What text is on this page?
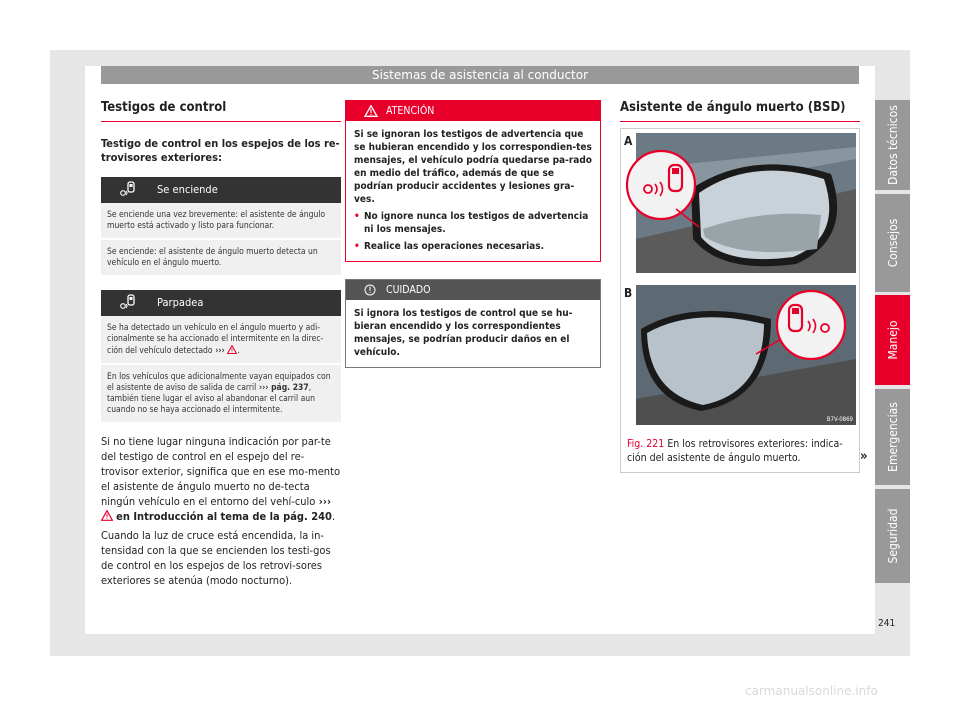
Sistemas de asistencia al conductor
Testigos de control
Testigo de control en los espejos de los re-trovisores exteriores:
Se enciende
Se enciende una vez brevemente: el asistente de ángulo muerto está activado y listo para funcionar.
Se enciende: el asistente de ángulo muerto detecta un vehículo en el ángulo muerto.
Parpadea
Se ha detectado un vehículo en el ángulo muerto y adi-cionalmente se ha accionado el intermitente en la direc-ción del vehículo detectado ››› .
En los vehículos que adicionalmente vayan equipados con el asistente de aviso de salida de carril ››› pág. 237, también tiene lugar el aviso al abandonar el carril aun cuando no se haya accionado el intermitente.

Si no tiene lugar ninguna indicación por par-te del testigo de control en el espejo del re-trovisor exterior, significa que en ese mo-mento el asistente de ángulo muerto no de-tecta ningún vehículo en el entorno del vehí-culo ›››  en Introducción al tema de la pág. 240.

Cuando la luz de cruce está encendida, la in-tensidad con la que se encienden los testi-gos de control en los espejos de los retrovi-sores exteriores se atenúa (modo nocturno).

ATENCIÓN
Si se ignoran los testigos de advertencia que se hubieran encendido y los correspondien-tes mensajes, el vehículo podría quedarse pa-rado en medio del tráfico, además de que se podrían producir accidentes y lesiones gra-ves.
• No ignore nunca los testigos de advertencia ni los mensajes.
• Realice las operaciones necesarias.
CUIDADO
Si ignora los testigos de control que se hu-bieran encendido y los correspondientes mensajes, se podrían producir daños en el vehículo.
Asistente de ángulo muerto (BSD)
A
B
B7V-0869
Fig. 221 En los retrovisores exteriores: indica-ción del asistente de ángulo muerto.	»
Datos técnicos
Consejos
Manejo
Emergencias
Seguridad
241
carmanualsonline.info
